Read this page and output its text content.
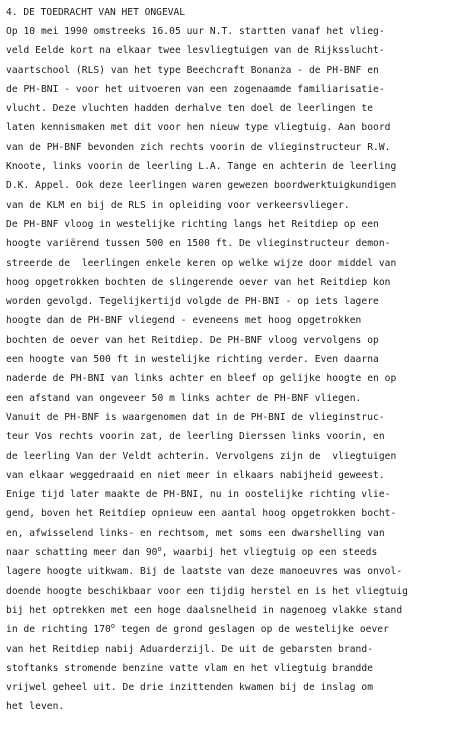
4. DE TOEDRACHT VAN HET ONGEVAL
Op 10 mei 1990 omstreeks 16.05 uur N.T. startten vanaf het vlieg-
veld Eelde kort na elkaar twee lesvliegtuigen van de Rijksslucht-
vaartschool (RLS) van het type Beechcraft Bonanza - de PH-BNF en
de PH-BNI - voor het uitvoeren van een zogenaamde familiarisatie-
vlucht. Deze vluchten hadden derhalve ten doel de leerlingen te
laten kennismaken met dit voor hen nieuw type vliegtuig. Aan boord
van de PH-BNF bevonden zich rechts voorin de vlieginstructeur R.W.
Knoote, links voorin de leerling L.A. Tange en achterin de leerling
D.K. Appel. Ook deze leerlingen waren gewezen boordwerktuigkundigen
van de KLM en bij de RLS in opleiding voor verkeersvlieger.
De PH-BNF vloog in westelijke richting langs het Reitdiep op een
hoogte variërend tussen 500 en 1500 ft. De vlieginstructeur demon-
streerde de  leerlingen enkele keren op welke wijze door middel van
hoog opgetrokken bochten de slingerende oever van het Reitdiep kon
worden gevolgd. Tegelijkertijd volgde de PH-BNI - op iets lagere
hoogte dan de PH-BNF vliegend - eveneens met hoog opgetrokken
bochten de oever van het Reitdiep. De PH-BNF vloog vervolgens op
een hoogte van 500 ft in westelijke richting verder. Even daarna
naderde de PH-BNI van links achter en bleef op gelijke hoogte en op
een afstand van ongeveer 50 m links achter de PH-BNF vliegen.
Vanuit de PH-BNF is waargenomen dat in de PH-BNI de vlieginstruc-
teur Vos rechts voorin zat, de leerling Dierssen links voorin, en
de leerling Van der Veldt achterin. Vervolgens zijn de  vliegtuigen
van elkaar weggedraaid en niet meer in elkaars nabijheid geweest.
Enige tijd later maakte de PH-BNI, nu in oostelijke richting vlie-
gend, boven het Reitdiep opnieuw een aantal hoog opgetrokken bocht-
en, afwisselend links- en rechtsom, met soms een dwarshelling van
naar schatting meer dan 90$^o$, waarbij het vliegtuig op een steeds
lagere hoogte uitkwam. Bij de laatste van deze manoeuvres was onvol-
doende hoogte beschikbaar voor een tijdig herstel en is het vliegtuig
bij het optrekken met een hoge daalsnelheid in nagenoeg vlakke stand
in de richting 170$^o$ tegen de grond geslagen op de westelijke oever
van het Reitdiep nabij Aduarderzijl. De uit de gebarsten brand-
stoftanks stromende benzine vatte vlam en het vliegtuig brandde
vrijwel geheel uit. De drie inzittenden kwamen bij de inslag om
het leven.
